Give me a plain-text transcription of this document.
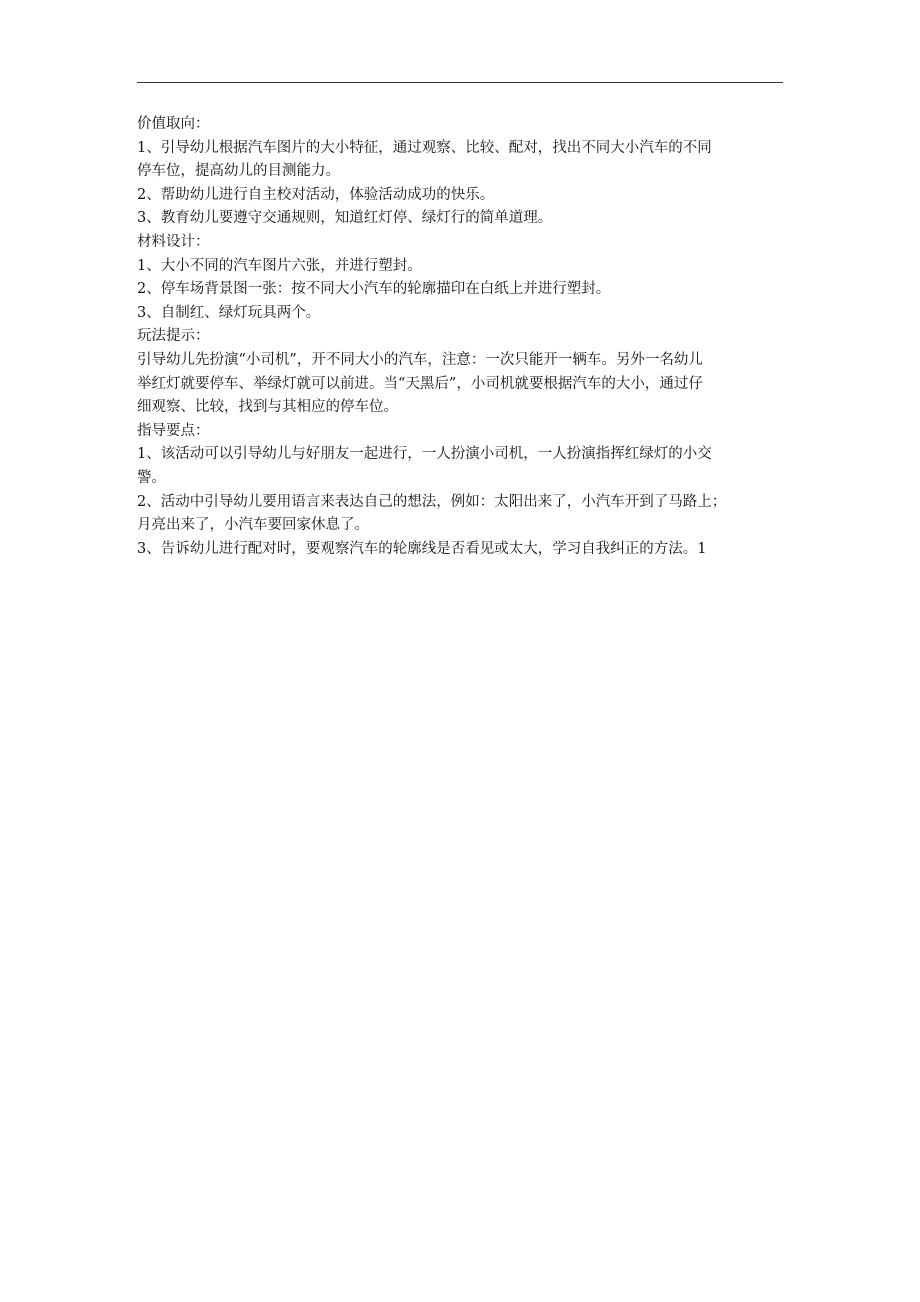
价值取向：

1、引导幼儿根据汽车图片的大小特征，通过观察、比较、配对，找出不同大小汽车的不同

停车位，提高幼儿的目测能力。

2、帮助幼儿进行自主校对活动，体验活动成功的快乐。

3、教育幼儿要遵守交通规则，知道红灯停、绿灯行的简单道理。

材料设计：

1、大小不同的汽车图片六张，并进行塑封。

2、停车场背景图一张：按不同大小汽车的轮廓描印在白纸上并进行塑封。

3、自制红、绿灯玩具两个。

玩法提示：

引导幼儿先扮演“小司机”，开不同大小的汽车，注意：一次只能开一辆车。另外一名幼儿

举红灯就要停车、举绿灯就可以前进。当“天黑后”，小司机就要根据汽车的大小，通过仔

细观察、比较，找到与其相应的停车位。

指导要点：

1、该活动可以引导幼儿与好朋友一起进行，一人扮演小司机，一人扮演指挥红绿灯的小交

警。

2、活动中引导幼儿要用语言来表达自己的想法，例如：太阳出来了，小汽车开到了马路上；

月亮出来了，小汽车要回家休息了。

3、告诉幼儿进行配对时，要观察汽车的轮廓线是否看见或太大，学习自我纠正的方法。1
